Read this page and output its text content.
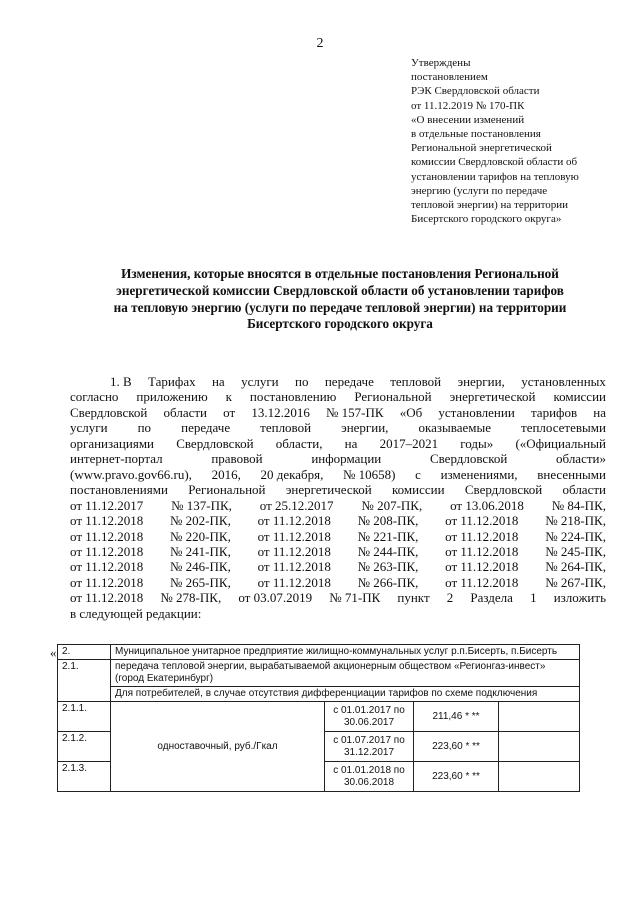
2
Утверждены
постановлением
РЭК Свердловской области
от 11.12.2019 № 170-ПК
«О внесении изменений
в отдельные постановления
Региональной энергетической
комиссии Свердловской области об
установлении тарифов на тепловую
энергию (услуги по передаче
тепловой энергии) на территории
Бисертского городского округа»
Изменения, которые вносятся в отдельные постановления Региональной
энергетической комиссии Свердловской области об установлении тарифов
на тепловую энергию (услуги по передаче тепловой энергии) на территории
Бисертского городского округа
1. В Тарифах на услуги по передаче тепловой энергии, установленных
согласно приложению к постановлению Региональной энергетической комиссии
Свердловской области от 13.12.2016 № 157-ПК «Об установлении тарифов на
услуги по передаче тепловой энергии, оказываемые теплосетевыми
организациями Свердловской области, на 2017–2021 годы» («Официальный
интернет-портал	правовой	информации	Свердловской	области»
(www.pravo.gov66.ru), 2016, 20 декабря, № 10658) с изменениями, внесенными
постановлениями Региональной энергетической комиссии Свердловской области
от 11.12.2017 № 137-ПК, от 25.12.2017 № 207-ПК, от 13.06.2018 № 84-ПК,
от 11.12.2018 № 202-ПК, от 11.12.2018 № 208-ПК, от 11.12.2018 № 218-ПК,
от 11.12.2018 № 220-ПК, от 11.12.2018 № 221-ПК, от 11.12.2018 № 224-ПК,
от 11.12.2018 № 241-ПК, от 11.12.2018 № 244-ПК, от 11.12.2018 № 245-ПК,
от 11.12.2018 № 246-ПК, от 11.12.2018 № 263-ПК, от 11.12.2018 № 264-ПК,
от 11.12.2018 № 265-ПК, от 11.12.2018 № 266-ПК, от 11.12.2018 № 267-ПК,
от 11.12.2018 № 278-ПК, от 03.07.2019 № 71-ПК пункт 2 Раздела 1 изложить
в следующей редакции:
« 2.	Муниципальное унитарное предприятие жилищно-коммунальных услуг р.п.Бисерть, п.Бисерть			
2.1.	передача тепловой энергии, вырабатываемой акционерным обществом «Регионгаз-инвест» (город Екатеринбург)			
	Для потребителей, в случае отсутствия дифференциации тарифов по схеме подключения			
2.1.1.	одноставочный, руб./Гкал	с 01.01.2017 по 30.06.2017	211,46 * **	
2.1.2.		с 01.07.2017 по 31.12.2017	223,60 * **	
2.1.3.		с 01.01.2018 по 30.06.2018	223,60 * **	
